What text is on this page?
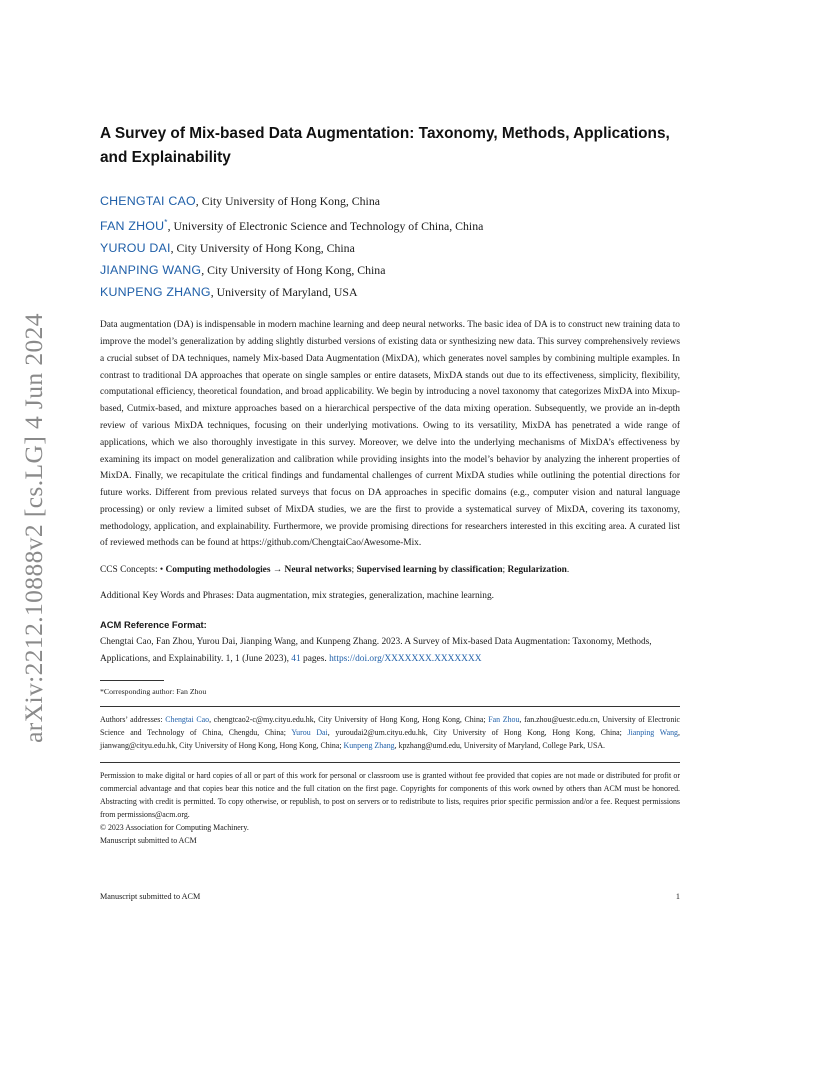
arXiv:2212.10888v2 [cs.LG] 4 Jun 2024
A Survey of Mix-based Data Augmentation: Taxonomy, Methods, Applications, and Explainability
CHENGTAI CAO, City University of Hong Kong, China
FAN ZHOU*, University of Electronic Science and Technology of China, China
YUROU DAI, City University of Hong Kong, China
JIANPING WANG, City University of Hong Kong, China
KUNPENG ZHANG, University of Maryland, USA

Data augmentation (DA) is indispensable in modern machine learning and deep neural networks. The basic idea of DA is to construct new training data to improve the model’s generalization by adding slightly disturbed versions of existing data or synthesizing new data. This survey comprehensively reviews a crucial subset of DA techniques, namely Mix-based Data Augmentation (MixDA), which generates novel samples by combining multiple examples. In contrast to traditional DA approaches that operate on single samples or entire datasets, MixDA stands out due to its effectiveness, simplicity, flexibility, computational efficiency, theoretical foundation, and broad applicability. We begin by introducing a novel taxonomy that categorizes MixDA into Mixup-based, Cutmix-based, and mixture approaches based on a hierarchical perspective of the data mixing operation. Subsequently, we provide an in-depth review of various MixDA techniques, focusing on their underlying motivations. Owing to its versatility, MixDA has penetrated a wide range of applications, which we also thoroughly investigate in this survey. Moreover, we delve into the underlying mechanisms of MixDA’s effectiveness by examining its impact on model generalization and calibration while providing insights into the model’s behavior by analyzing the inherent properties of MixDA. Finally, we recapitulate the critical findings and fundamental challenges of current MixDA studies while outlining the potential directions for future works. Different from previous related surveys that focus on DA approaches in specific domains (e.g., computer vision and natural language processing) or only review a limited subset of MixDA studies, we are the first to provide a systematical survey of MixDA, covering its taxonomy, methodology, application, and explainability. Furthermore, we provide promising directions for researchers interested in this exciting area. A curated list of reviewed methods can be found at https://github.com/ChengtaiCao/Awesome-Mix.

CCS Concepts: • Computing methodologies → Neural networks; Supervised learning by classification; Regularization.

Additional Key Words and Phrases: Data augmentation, mix strategies, generalization, machine learning.

ACM Reference Format:
Chengtai Cao, Fan Zhou, Yurou Dai, Jianping Wang, and Kunpeng Zhang. 2023. A Survey of Mix-based Data Augmentation: Taxonomy, Methods, Applications, and Explainability. 1, 1 (June 2023), 41 pages. https://doi.org/XXXXXXX.XXXXXXX
*Corresponding author: Fan Zhou
Authors’ addresses: Chengtai Cao, chengtcao2-c@my.cityu.edu.hk, City University of Hong Kong, Hong Kong, China; Fan Zhou, fan.zhou@uestc.edu.cn, University of Electronic Science and Technology of China, Chengdu, China; Yurou Dai, yuroudai2@um.cityu.edu.hk, City University of Hong Kong, Hong Kong, China; Jianping Wang, jianwang@cityu.edu.hk, City University of Hong Kong, Hong Kong, China; Kunpeng Zhang, kpzhang@umd.edu, University of Maryland, College Park, USA.
Permission to make digital or hard copies of all or part of this work for personal or classroom use is granted without fee provided that copies are not made or distributed for profit or commercial advantage and that copies bear this notice and the full citation on the first page. Copyrights for components of this work owned by others than ACM must be honored. Abstracting with credit is permitted. To copy otherwise, or republish, to post on servers or to redistribute to lists, requires prior specific permission and/or a fee. Request permissions from permissions@acm.org.
© 2023 Association for Computing Machinery.
Manuscript submitted to ACM
Manuscript submitted to ACM	1
